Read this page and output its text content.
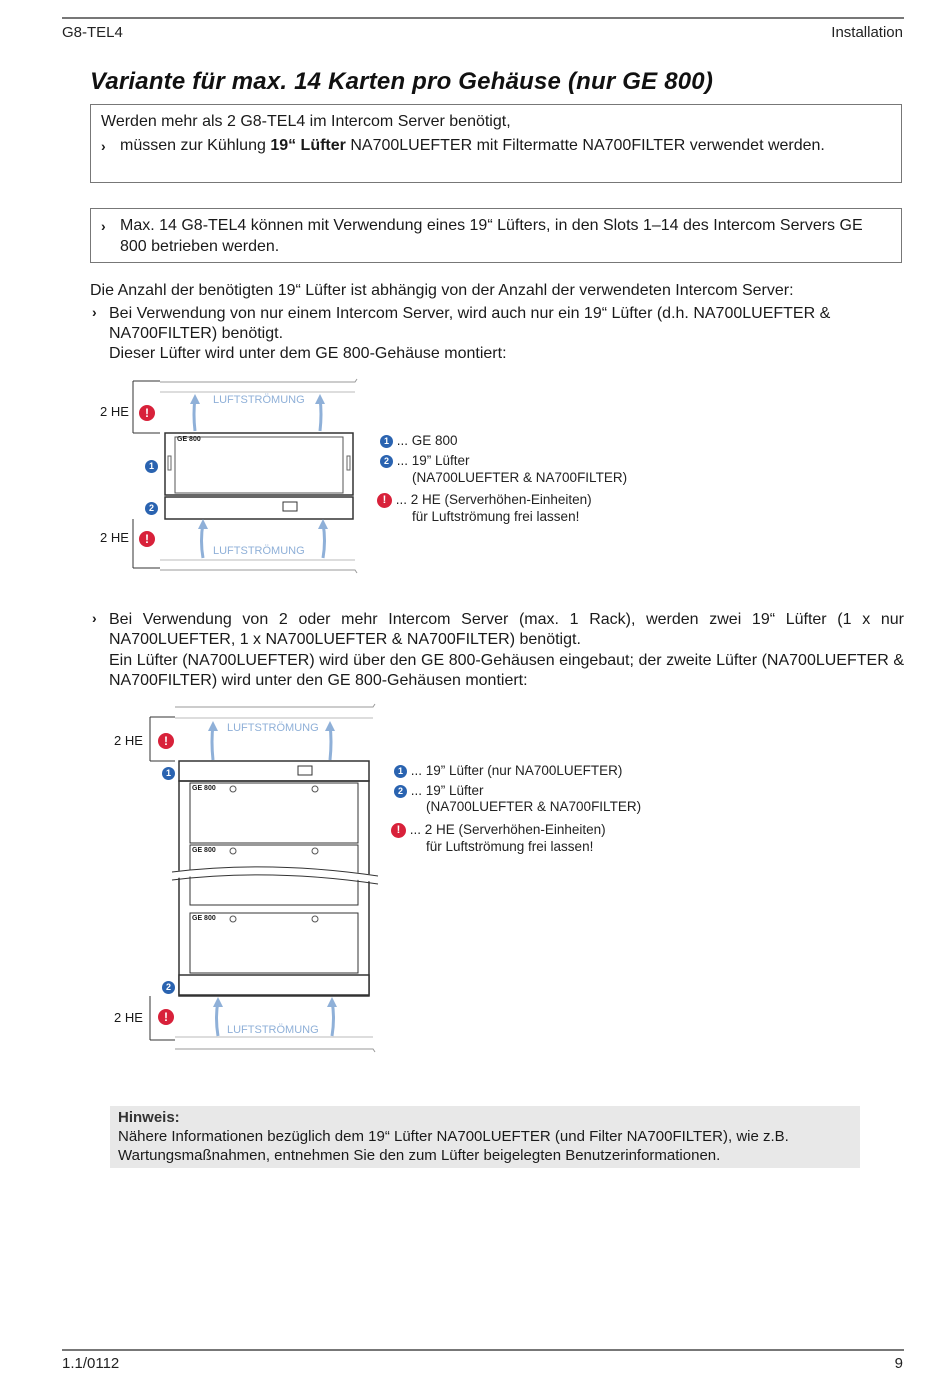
G8-TEL4	Installation
Variante für max. 14 Karten pro Gehäuse (nur GE 800)
Werden mehr als 2 G8-TEL4 im Intercom Server benötigt,
› müssen zur Kühlung 19“ Lüfter NA700LUEFTER mit Filtermatte NA700FILTER verwendet werden.
› Max. 14 G8-TEL4 können mit Verwendung eines 19“ Lüfters, in den Slots 1–14 des Intercom Servers GE 800 betrieben werden.
Die Anzahl der benötigten 19“ Lüfter ist abhängig von der Anzahl der verwendeten Intercom Server:
› Bei Verwendung von nur einem Intercom Server, wird auch nur ein 19“ Lüfter (d.h. NA700LUEFTER & NA700FILTER) benötigt.
Dieser Lüfter wird unter dem GE 800-Gehäuse montiert:
LUFTSTRÖMUNG
LUFTSTRÖMUNG
GE 800
2 HE	!
2 HE	!
1
2
1 ... GE 800
2 ... 19” Lüfter
(NA700LUEFTER & NA700FILTER)
! ... 2 HE (Serverhöhen-Einheiten)
für Luftströmung frei lassen!
› Bei Verwendung von 2 oder mehr Intercom Server (max. 1 Rack), werden zwei 19“ Lüfter (1 x nur NA700LUEFTER, 1 x NA700LUEFTER & NA700FILTER) benötigt.
Ein Lüfter (NA700LUEFTER) wird über den GE 800-Gehäusen eingebaut; der zweite Lüfter (NA700LUEFTER & NA700FILTER) wird unter den GE 800-Gehäusen montiert:
LUFTSTRÖMUNG
LUFTSTRÖMUNG
GE 800
GE 800
GE 800
2 HE	!
2 HE	!
1
2
1 ... 19” Lüfter (nur NA700LUEFTER)
2 ... 19” Lüfter
(NA700LUEFTER & NA700FILTER)
! ... 2 HE (Serverhöhen-Einheiten)
für Luftströmung frei lassen!
Hinweis:
Nähere Informationen bezüglich dem 19“ Lüfter NA700LUEFTER (und Filter NA700FILTER), wie z.B. Wartungsmaßnahmen, entnehmen Sie den zum Lüfter beigelegten Benutzerinformationen.
1.1/0112	9
